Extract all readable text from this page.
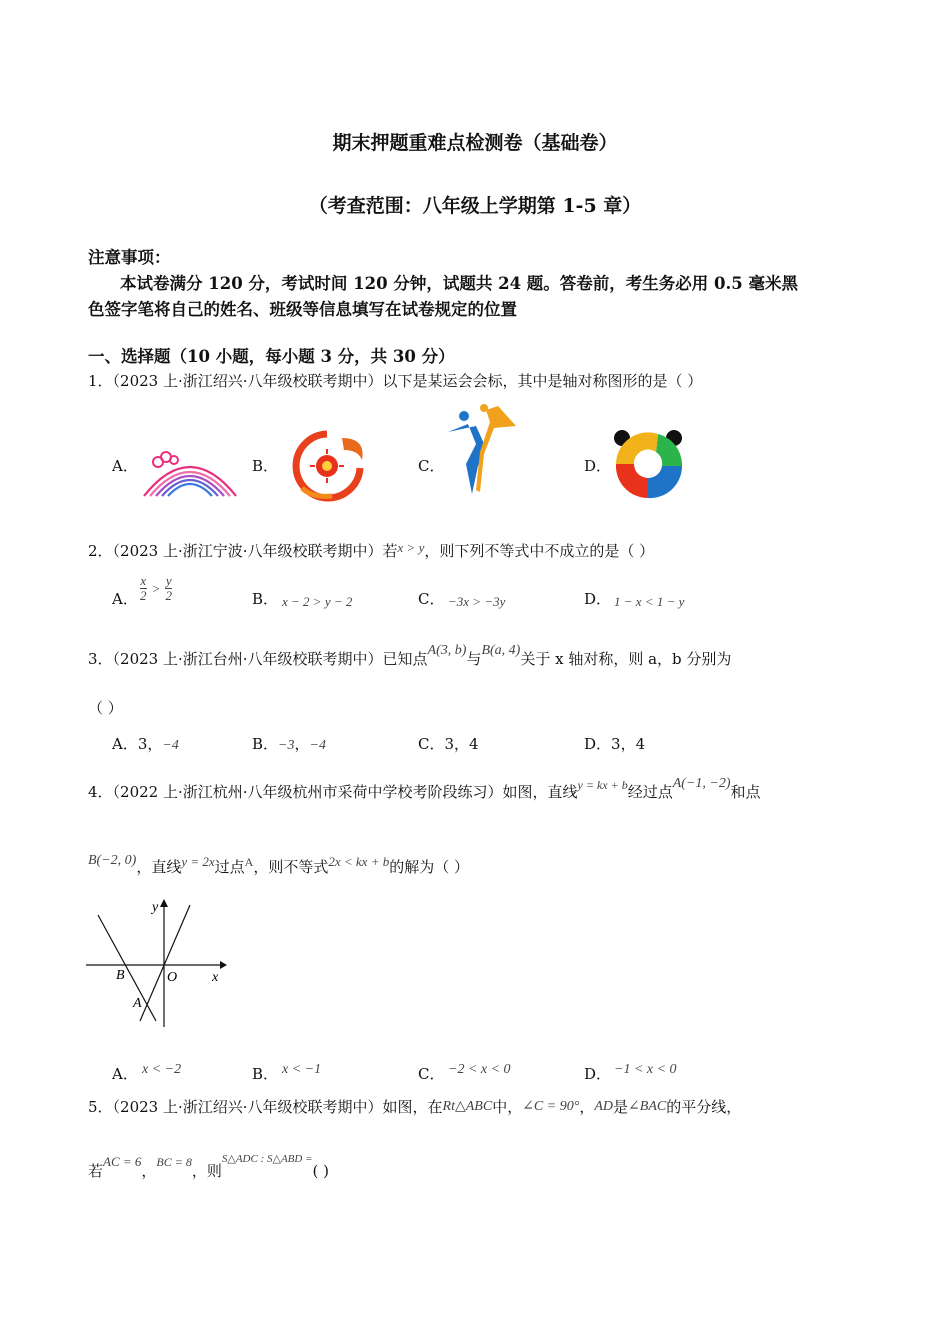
期末押题重难点检测卷（基础卷）
（考查范围：八年级上学期第 1-5 章）
注意事项：
本试卷满分 120 分，考试时间 120 分钟，试题共 24 题。答卷前，考生务必用 0.5 毫米黑
色签字笔将自己的姓名、班级等信息填写在试卷规定的位置
一、选择题（10 小题，每小题 3 分，共 30 分）
1．（2023 上·浙江绍兴·八年级校联考期中）以下是某运会会标，其中是轴对称图形的是（ ）
A．	B．	C．	D．
2．（2023 上·浙江宁波·八年级校联考期中）若x > y，则下列不等式中不成立的是（ ）
A． $\frac{x}{2} > \frac{y}{2}$	B． x − 2 > y − 2	C． −3x > −3y	D． 1 − x < 1 − y
3．（2023 上·浙江台州·八年级校联考期中）已知点A(3, b)与B(a, 4)关于 x 轴对称，则 a，b 分别为
（ ）
A．3，−4	B．−3，−4	C．3，4	D．3，4
4．（2022 上·浙江杭州·八年级杭州市采荷中学校考阶段练习）如图，直线$^{y = kx + b}$经过点A(−1, −2)和点
B(−2, 0)，直线y = 2x过点$^A$，则不等式2x < kx + b的解为（ ）
y
x
O
B
A
A． x < −2	B． x < −1	C． −2 < x < 0	D． −1 < x < 0
5．（2023 上·浙江绍兴·八年级校联考期中）如图，在Rt△ABC中，∠C = 90°，AD是∠BAC的平分线，
若AC = 6，$^{BC = 8}$，则$^{S\triangle ADC : S\triangle ABD =}$( )
